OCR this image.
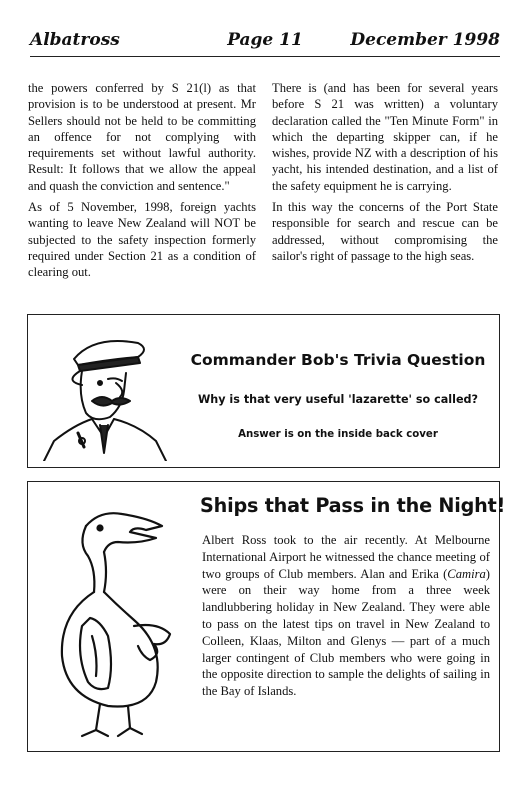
Albatross	Page 11	December 1998

the powers conferred by S 21(l) as that provision is to be understood at present. Mr Sellers should not be held to be committing an offence for not complying with requirements set without lawful authority. Result: It follows that we allow the appeal and quash the conviction and sentence."

As of 5 November, 1998, foreign yachts wanting to leave New Zealand will NOT be subjected to the safety inspection formerly required under Section 21 as a condition of clearing out.

There is (and has been for several years before S 21 was written) a voluntary declaration called the "Ten Minute Form" in which the departing skipper can, if he wishes, provide NZ with a description of his yacht, his intended destination, and a list of the safety equipment he is carrying.

In this way the concerns of the Port State responsible for search and rescue can be addressed, without compromising the sailor's right of passage to the high seas.

Commander Bob's Trivia Question
Why is that very useful 'lazarette' so called?
Answer is on the inside back cover
Ships that Pass in the Night!
Albert Ross took to the air recently. At Melbourne International Airport he witnessed the chance meeting of two groups of Club members. Alan and Erika (Camira) were on their way home from a three week landlubbering holiday in New Zealand. They were able to pass on the latest tips on travel in New Zealand to Colleen, Klaas, Milton and Glenys — part of a much larger contingent of Club members who were going in the opposite direction to sample the delights of sailing in the Bay of Islands.
